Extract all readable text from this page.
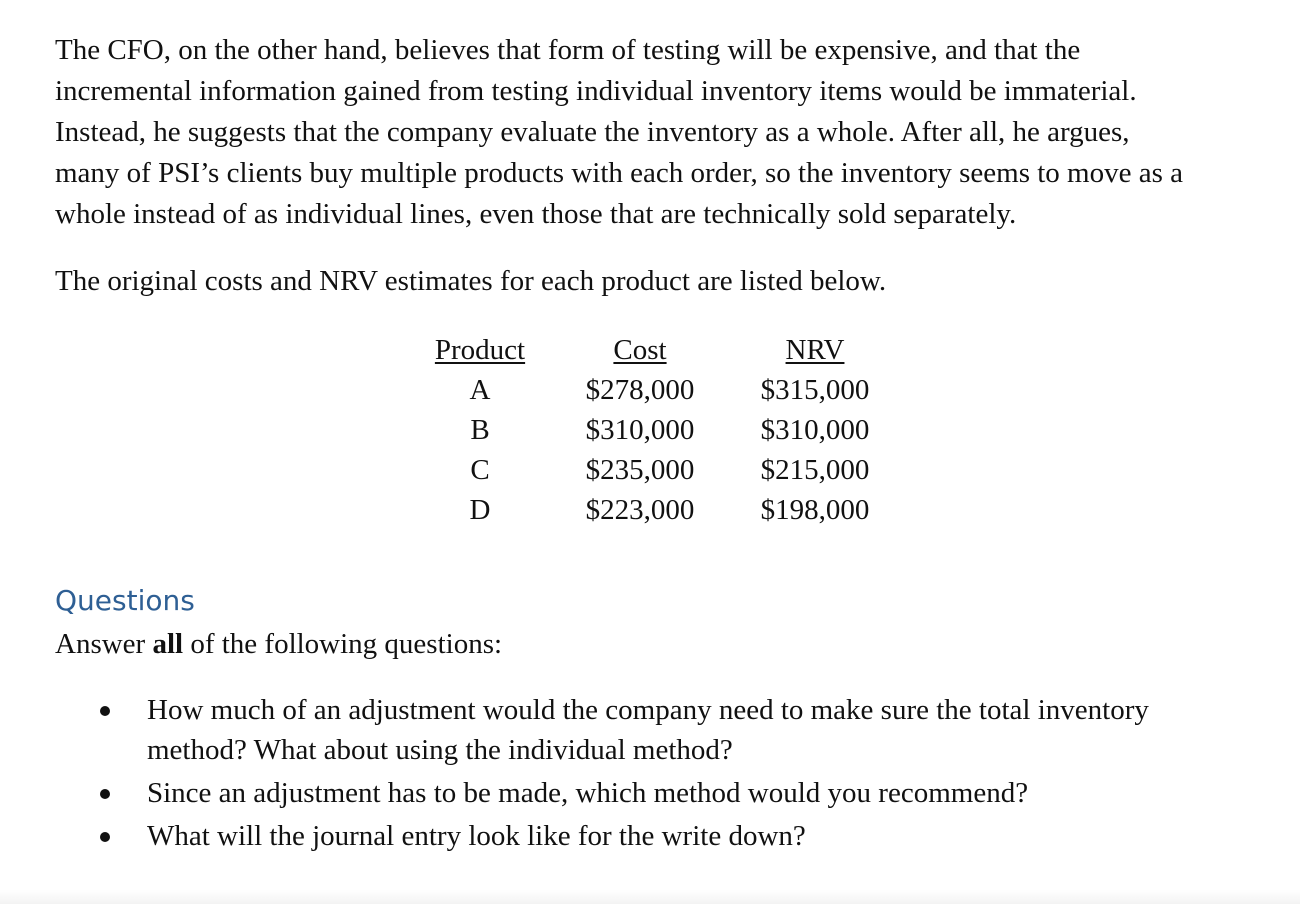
The CFO, on the other hand, believes that form of testing will be expensive, and that the
incremental information gained from testing individual inventory items would be immaterial.
Instead, he suggests that the company evaluate the inventory as a whole. After all, he argues,
many of PSI’s clients buy multiple products with each order, so the inventory seems to move as a
whole instead of as individual lines, even those that are technically sold separately.

The original costs and NRV estimates for each product are listed below.

Product	Cost	NRV
A	$278,000	$315,000
B	$310,000	$310,000
C	$235,000	$215,000
D	$223,000	$198,000
Questions

Answer all of the following questions:

How much of an adjustment would the company need to make sure the total inventory
method? What about using the individual method?
Since an adjustment has to be made, which method would you recommend?
What will the journal entry look like for the write down?
